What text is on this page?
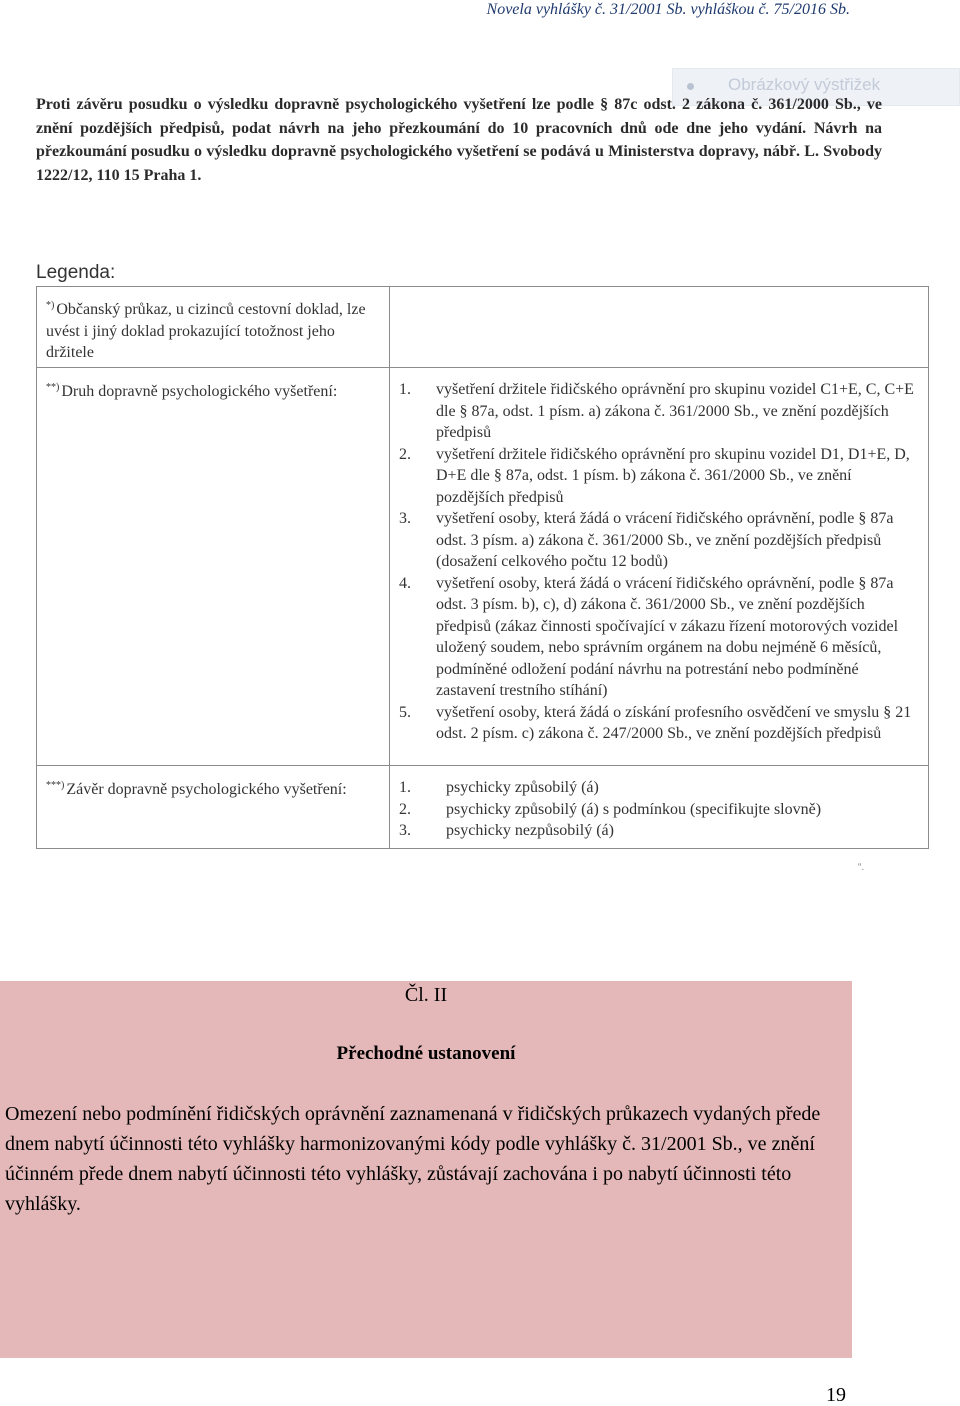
Novela vyhlášky č. 31/2001 Sb. vyhláškou č. 75/2016 Sb.
Obrázkový výstřižek
Proti závěru posudku o výsledku dopravně psychologického vyšetření lze podle § 87c odst. 2 zákona č. 361/2000 Sb., ve znění pozdějších předpisů, podat návrh na jeho přezkoumání do 10 pracovních dnů ode dne jeho vydání. Návrh na přezkoumání posudku o výsledku dopravně psychologického vyšetření se podává u Ministerstva dopravy, nábř. L. Svobody 1222/12, 110 15 Praha 1.
Legenda:
*) Občanský průkaz, u cizinců cestovní doklad, lze uvést i jiný doklad prokazující totožnost jeho držitele
**) Druh dopravně psychologického vyšetření:	1.	vyšetření držitele řidičského oprávnění pro skupinu vozidel C1+E, C, C+E dle § 87a, odst. 1 písm. a) zákona č. 361/2000 Sb., ve znění pozdějších předpisů
2.	vyšetření držitele řidičského oprávnění pro skupinu vozidel D1, D1+E, D, D+E dle § 87a, odst. 1 písm. b) zákona č. 361/2000 Sb., ve znění pozdějších předpisů
3.	vyšetření osoby, která žádá o vrácení řidičského oprávnění, podle § 87a odst. 3 písm. a) zákona č. 361/2000 Sb., ve znění pozdějších předpisů (dosažení celkového počtu 12 bodů)
4.	vyšetření osoby, která žádá o vrácení řidičského oprávnění, podle § 87a odst. 3 písm. b), c), d) zákona č. 361/2000 Sb., ve znění pozdějších předpisů (zákaz činnosti spočívající v zákazu řízení motorových vozidel uložený soudem, nebo správním orgánem na dobu nejméně 6 měsíců, podmíněné odložení podání návrhu na potrestání nebo podmíněné zastavení trestního stíhání)
5.	vyšetření osoby, která žádá o získání profesního osvědčení ve smyslu § 21 odst. 2 písm. c) zákona č. 247/2000 Sb., ve znění pozdějších předpisů
***) Závěr dopravně psychologického vyšetření:	1.	psychicky způsobilý (á)
2.	psychicky způsobilý (á) s podmínkou (specifikujte slovně)
3.	psychicky nezpůsobilý (á)
“.
Čl. II
Přechodné ustanovení
Omezení nebo podmínění řidičských oprávnění zaznamenaná v řidičských průkazech vydaných přede dnem nabytí účinnosti této vyhlášky harmonizovanými kódy podle vyhlášky č. 31/2001 Sb., ve znění účinném přede dnem nabytí účinnosti této vyhlášky, zůstávají zachována i po nabytí účinnosti této vyhlášky.
19
